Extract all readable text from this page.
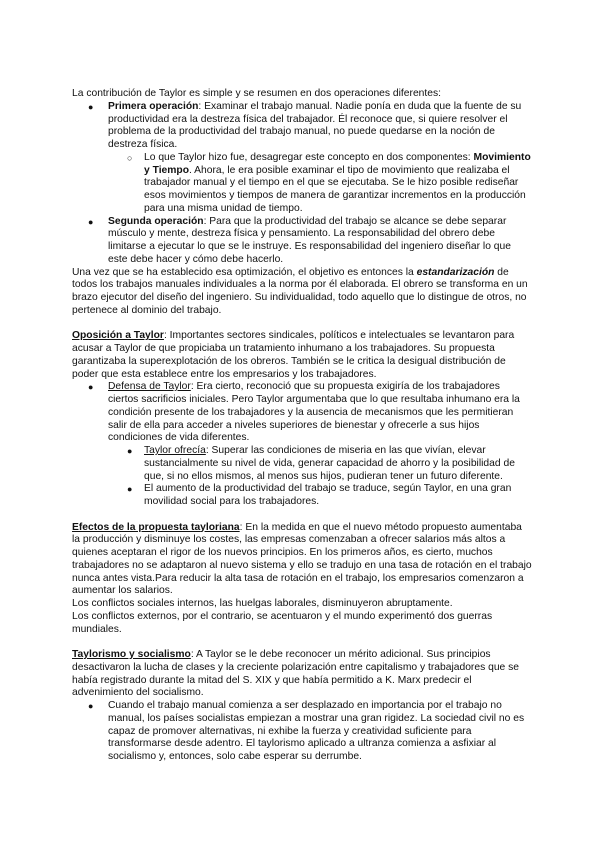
La contribución de Taylor es simple y se resumen en dos operaciones diferentes:

● Primera operación: Examinar el trabajo manual. Nadie ponía en duda que la fuente de su productividad era la destreza física del trabajador. Él reconoce que, si quiere resolver el problema de la productividad del trabajo manual, no puede quedarse en la noción de destreza física.
○ Lo que Taylor hizo fue, desagregar este concepto en dos componentes: Movimiento y Tiempo. Ahora, le era posible examinar el tipo de movimiento que realizaba el trabajador manual y el tiempo en el que se ejecutaba. Se le hizo posible rediseñar esos movimientos y tiempos de manera de garantizar incrementos en la producción para una misma unidad de tiempo.
● Segunda operación: Para que la productividad del trabajo se alcance se debe separar músculo y mente, destreza física y pensamiento. La responsabilidad del obrero debe limitarse a ejecutar lo que se le instruye. Es responsabilidad del ingeniero diseñar lo que este debe hacer y cómo debe hacerlo.

Una vez que se ha establecido esa optimización, el objetivo es entonces la estandarización de todos los trabajos manuales individuales a la norma por él elaborada. El obrero se transforma en un brazo ejecutor del diseño del ingeniero. Su individualidad, todo aquello que lo distingue de otros, no pertenece al dominio del trabajo.

Oposición a Taylor: Importantes sectores sindicales, políticos e intelectuales se levantaron para acusar a Taylor de que propiciaba un tratamiento inhumano a los trabajadores. Su propuesta garantizaba la superexplotación de los obreros. También se le critica la desigual distribución de poder que esta establece entre los empresarios y los trabajadores.

● Defensa de Taylor: Era cierto, reconoció que su propuesta exigiría de los trabajadores ciertos sacrificios iniciales. Pero Taylor argumentaba que lo que resultaba inhumano era la condición presente de los trabajadores y la ausencia de mecanismos que les permitieran salir de ella para acceder a niveles superiores de bienestar y ofrecerle a sus hijos condiciones de vida diferentes.
● Taylor ofrecía: Superar las condiciones de miseria en las que vivían, elevar sustancialmente su nivel de vida, generar capacidad de ahorro y la posibilidad de que, si no ellos mismos, al menos sus hijos, pudieran tener un futuro diferente.
● El aumento de la productividad del trabajo se traduce, según Taylor, en una gran movilidad social para los trabajadores.

Efectos de la propuesta tayloriana: En la medida en que el nuevo método propuesto aumentaba la producción y disminuye los costes, las empresas comenzaban a ofrecer salarios más altos a quienes aceptaran el rigor de los nuevos principios. En los primeros años, es cierto, muchos trabajadores no se adaptaron al nuevo sistema y ello se tradujo en una tasa de rotación en el trabajo nunca antes vista.Para reducir la alta tasa de rotación en el trabajo, los empresarios comenzaron a aumentar los salarios.

Los conflictos sociales internos, las huelgas laborales, disminuyeron abruptamente.

Los conflictos externos, por el contrario, se acentuaron y el mundo experimentó dos guerras mundiales.

Taylorismo y socialismo: A Taylor se le debe reconocer un mérito adicional. Sus principios desactivaron la lucha de clases y la creciente polarización entre capitalismo y trabajadores que se había registrado durante la mitad del S. XIX y que había permitido a K. Marx predecir el advenimiento del socialismo.

● Cuando el trabajo manual comienza a ser desplazado en importancia por el trabajo no manual, los países socialistas empiezan a mostrar una gran rigidez. La sociedad civil no es capaz de promover alternativas, ni exhibe la fuerza y creatividad suficiente para transformarse desde adentro. El taylorismo aplicado a ultranza comienza a asfixiar al socialismo y, entonces, solo cabe esperar su derrumbe.
